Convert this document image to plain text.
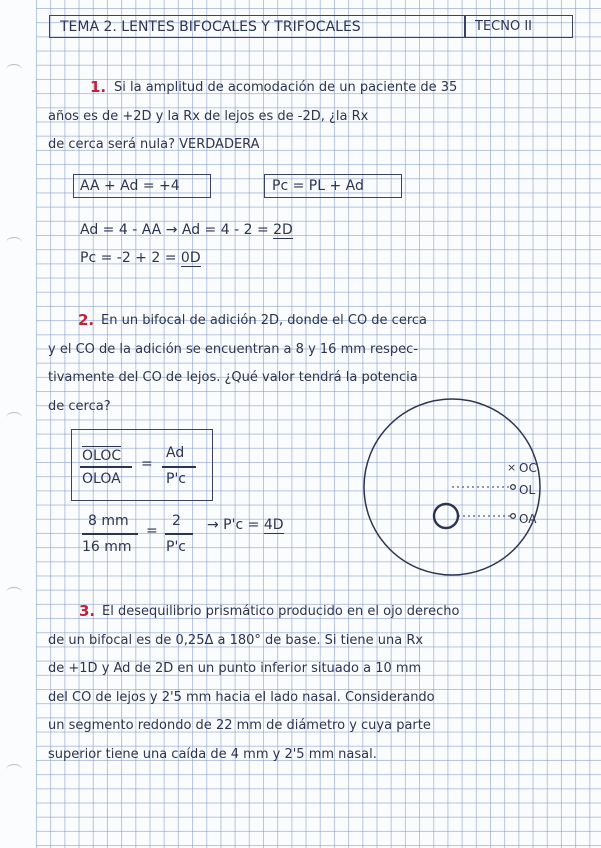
TEMA 2. LENTES BIFOCALES Y TRIFOCALES	TECNO II
1. Si la amplitud de acomodación de un paciente de 35
años es de +2D y la Rx de lejos es de -2D, ¿la Rx
de cerca será nula? VERDADERA
AA + Ad = +4	Pc = PL + Ad
Ad = 4 - AA → Ad = 4 - 2 = 2D
Pc = -2 + 2 = 0D
2. En un bifocal de adición 2D, donde el CO de cerca
y el CO de la adición se encuentran a 8 y 16 mm respec-
tivamente del CO de lejos. ¿Qué valor tendrá la potencia
de cerca?
OLOC
OLOA
=
Ad
P'c
8 mm
16 mm
=
2
P'c
→ P'c = 4D
× OC
OL
OA
3. El desequilibrio prismático producido en el ojo derecho
de un bifocal es de 0,25Δ a 180° de base. Si tiene una Rx
de +1D y Ad de 2D en un punto inferior situado a 10 mm
del CO de lejos y 2'5 mm hacia el lado nasal. Considerando
un segmento redondo de 22 mm de diámetro y cuya parte
superior tiene una caída de 4 mm y 2'5 mm nasal.
